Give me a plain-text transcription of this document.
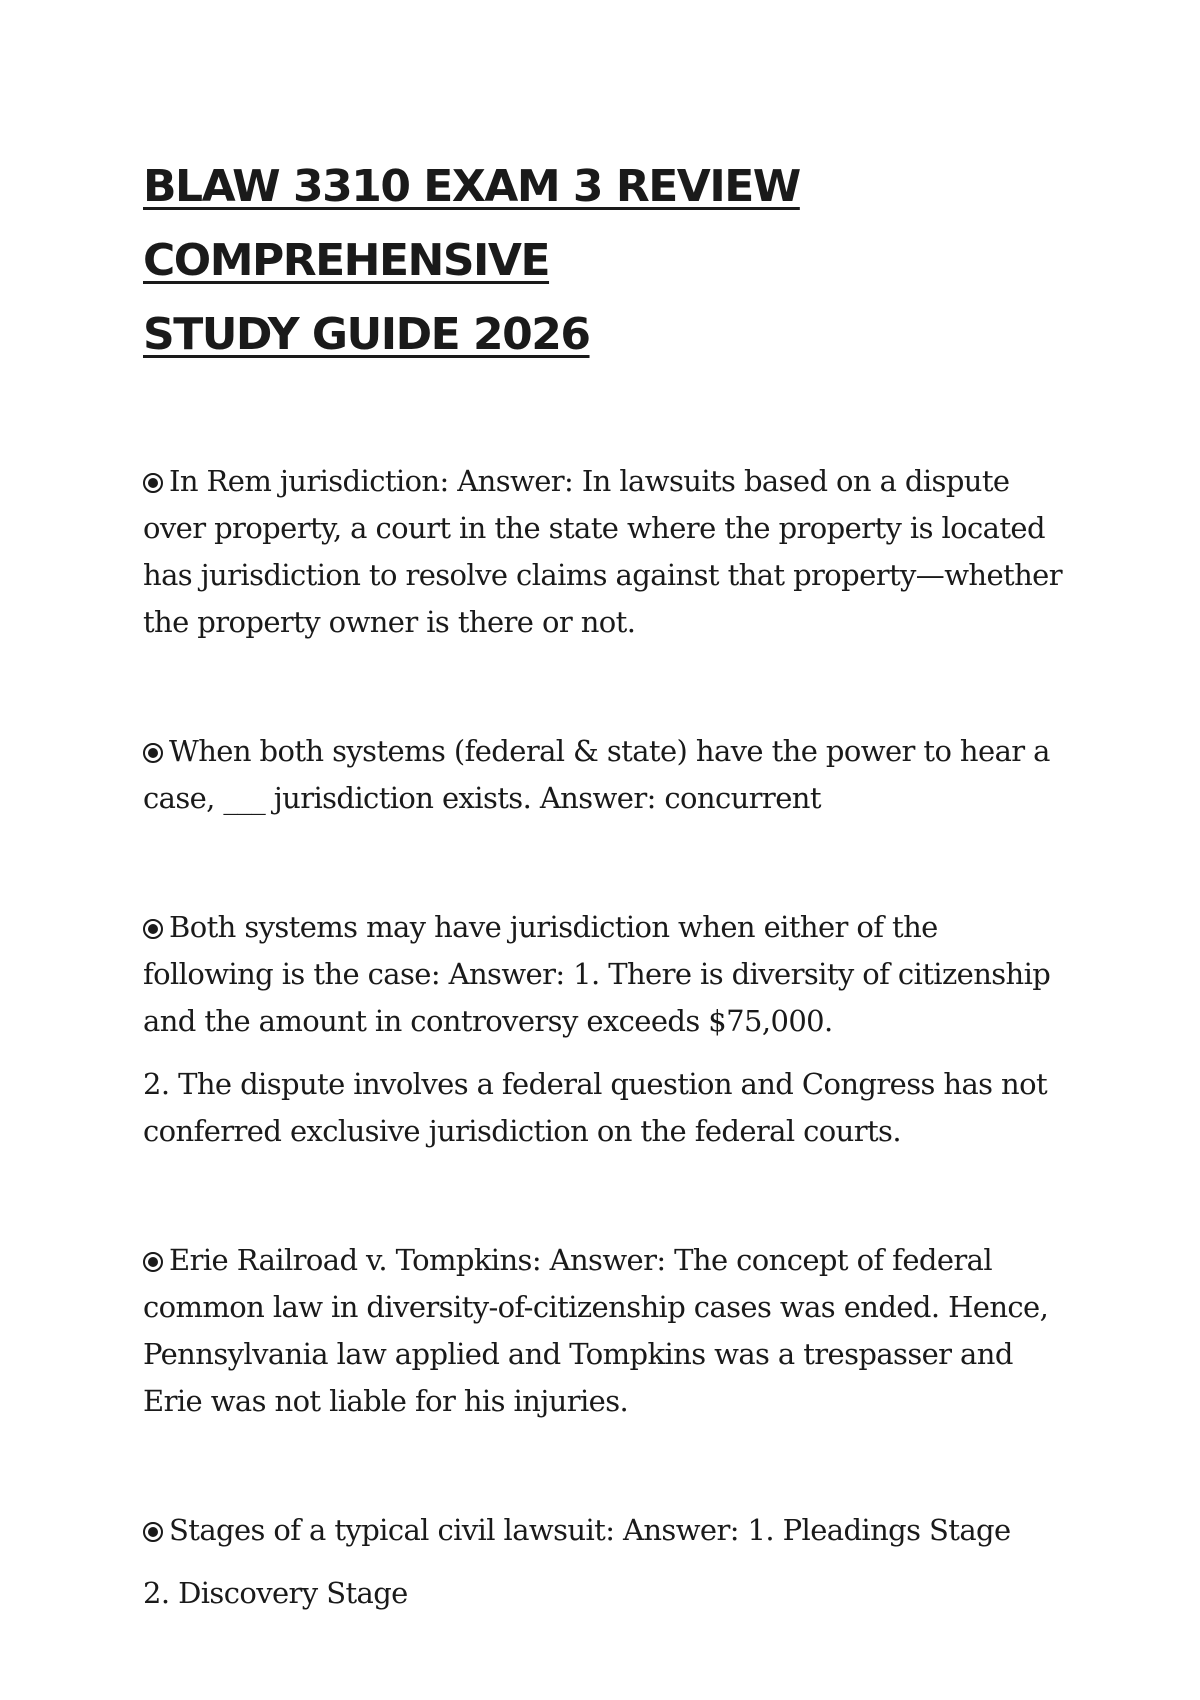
BLAW 3310 EXAM 3 REVIEW COMPREHENSIVE
STUDY GUIDE 2026

In Rem jurisdiction: Answer: In lawsuits based on a dispute over property, a court in the state where the property is located has jurisdiction to resolve claims against that property—whether the property owner is there or not.

When both systems (federal & state) have the power to hear a case, ___ jurisdiction exists. Answer: concurrent

Both systems may have jurisdiction when either of the following is the case: Answer: 1. There is diversity of citizenship and the amount in controversy exceeds $75,000.

2. The dispute involves a federal question and Congress has not conferred exclusive jurisdiction on the federal courts.

Erie Railroad v. Tompkins: Answer: The concept of federal common law in diversity-of-citizenship cases was ended. Hence, Pennsylvania law applied and Tompkins was a trespasser and Erie was not liable for his injuries.

Stages of a typical civil lawsuit: Answer: 1. Pleadings Stage

2. Discovery Stage
